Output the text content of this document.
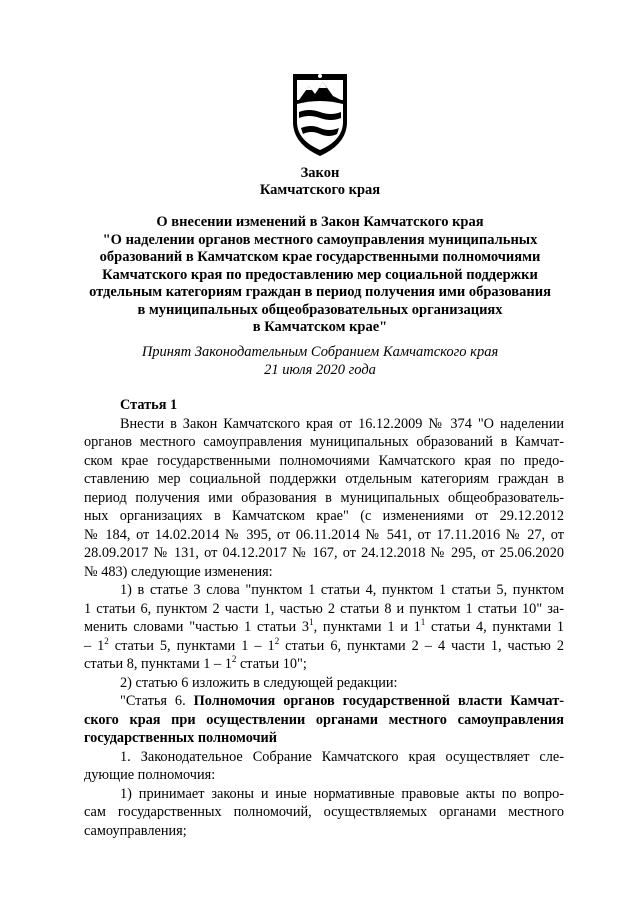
Закон
Камчатского края
О внесении изменений в Закон Камчатского края
"О наделении органов местного самоуправления муниципальных
образований в Камчатском крае государственными полномочиями
Камчатского края по предоставлению мер социальной поддержки
отдельным категориям граждан в период получения ими образования
в муниципальных общеобразовательных организациях
в Камчатском крае"
Принят Законодательным Собранием Камчатского края
21 июля 2020 года
Статья 1
Внести в Закон Камчатского края от 16.12.2009 № 374 "О наделении
органов местного самоуправления муниципальных образований в Камчат-
ском крае государственными полномочиями Камчатского края по предо-
ставлению мер социальной поддержки отдельным категориям граждан в
период получения ими образования в муниципальных общеобразователь-
ных организациях в Камчатском крае" (с изменениями от 29.12.2012
№ 184, от 14.02.2014 № 395, от 06.11.2014 № 541, от 17.11.2016 № 27, от
28.09.2017 № 131, от 04.12.2017 № 167, от 24.12.2018 № 295, от 25.06.2020
№ 483) следующие изменения:
1) в статье 3 слова "пунктом 1 статьи 4, пунктом 1 статьи 5, пунктом
1 статьи 6, пунктом 2 части 1, частью 2 статьи 8 и пунктом 1 статьи 10" за-
менить словами "частью 1 статьи $3^1$, пунктами 1 и $1^1$ статьи 4, пунктами 1
– $1^2$ статьи 5, пунктами $1 - 1^2$ статьи 6, пунктами 2 – 4 части 1, частью 2
статьи 8, пунктами $1 - 1^2$ статьи 10";
2) статью 6 изложить в следующей редакции:
"Статья 6. Полномочия органов государственной власти Камчат-
ского края при осуществлении органами местного самоуправления
государственных полномочий
1. Законодательное Собрание Камчатского края осуществляет сле-
дующие полномочия:
1) принимает законы и иные нормативные правовые акты по вопро-
сам государственных полномочий, осуществляемых органами местного
самоуправления;
